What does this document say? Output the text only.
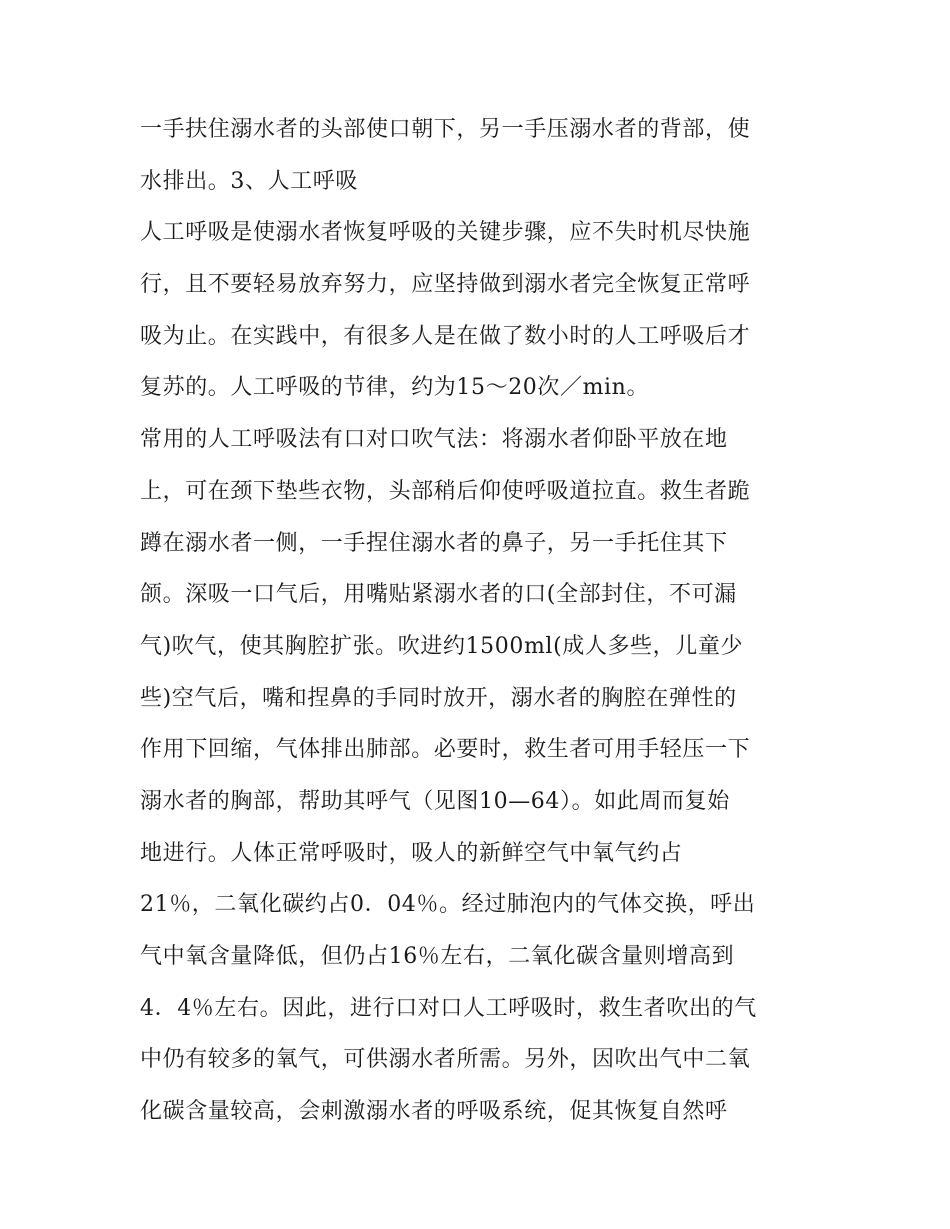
一手扶住溺水者的头部使口朝下，另一手压溺水者的背部，使
水排出。3、人工呼吸
人工呼吸是使溺水者恢复呼吸的关键步骤，应不失时机尽快施
行，且不要轻易放弃努力，应坚持做到溺水者完全恢复正常呼
吸为止。在实践中，有很多人是在做了数小时的人工呼吸后才
复苏的。人工呼吸的节律，约为15～20次／min。
常用的人工呼吸法有口对口吹气法：将溺水者仰卧平放在地
上，可在颈下垫些衣物，头部稍后仰使呼吸道拉直。救生者跪
蹲在溺水者一侧，一手捏住溺水者的鼻子，另一手托住其下
颌。深吸一口气后，用嘴贴紧溺水者的口(全部封住，不可漏
气)吹气，使其胸腔扩张。吹进约1500ml(成人多些，儿童少
些)空气后，嘴和捏鼻的手同时放开，溺水者的胸腔在弹性的
作用下回缩，气体排出肺部。必要时，救生者可用手轻压一下
溺水者的胸部，帮助其呼气（见图10—64）。如此周而复始
地进行。人体正常呼吸时，吸人的新鲜空气中氧气约占
21％，二氧化碳约占0．04％。经过肺泡内的气体交换，呼出
气中氧含量降低，但仍占16％左右，二氧化碳含量则增高到
4．4％左右。因此，进行口对口人工呼吸时，救生者吹出的气
中仍有较多的氧气，可供溺水者所需。另外，因吹出气中二氧
化碳含量较高，会刺激溺水者的呼吸系统，促其恢复自然呼
